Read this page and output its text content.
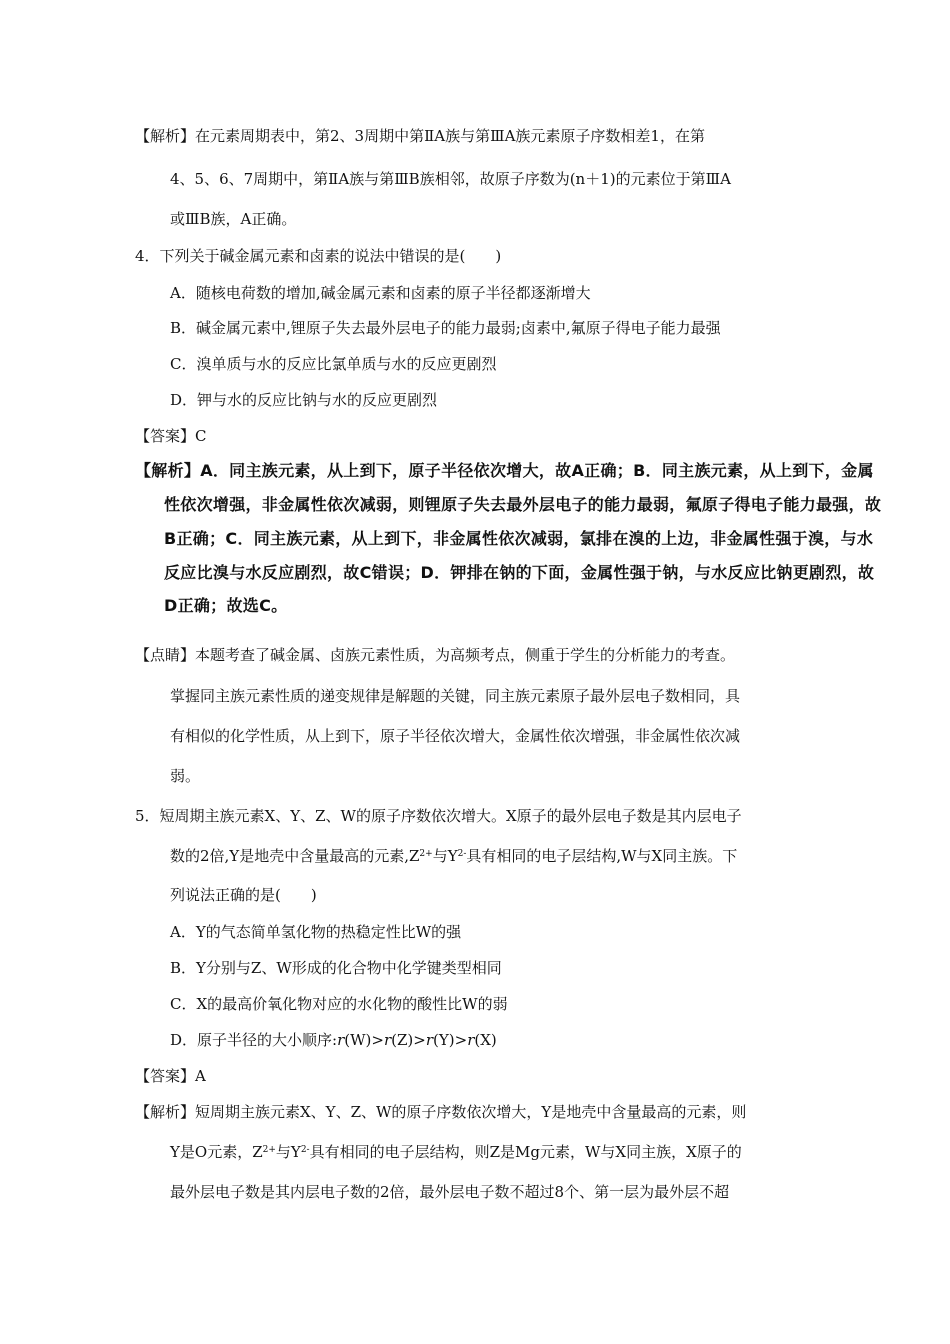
【解析】在元素周期表中，第2、3周期中第ⅡA族与第ⅢA族元素原子序数相差1，在第
4、5、6、7周期中，第ⅡA族与第ⅢB族相邻，故原子序数为(n＋1)的元素位于第ⅢA
或ⅢB族，A正确。
4．下列关于碱金属元素和卤素的说法中错误的是(　　)
A．随核电荷数的增加,碱金属元素和卤素的原子半径都逐渐增大
B．碱金属元素中,锂原子失去最外层电子的能力最弱;卤素中,氟原子得电子能力最强
C．溴单质与水的反应比氯单质与水的反应更剧烈
D．钾与水的反应比钠与水的反应更剧烈
【答案】C
【解析】A．同主族元素，从上到下，原子半径依次增大，故A正确；B．同主族元素，从上到下，金属
性依次增强，非金属性依次减弱，则锂原子失去最外层电子的能力最弱，氟原子得电子能力最强，故
B正确；C．同主族元素，从上到下，非金属性依次减弱，氯排在溴的上边，非金属性强于溴，与水
反应比溴与水反应剧烈，故C错误；D．钾排在钠的下面，金属性强于钠，与水反应比钠更剧烈，故
D正确；故选C。
【点睛】本题考查了碱金属、卤族元素性质，为高频考点，侧重于学生的分析能力的考查。
掌握同主族元素性质的递变规律是解题的关键，同主族元素原子最外层电子数相同，具
有相似的化学性质，从上到下，原子半径依次增大，金属性依次增强，非金属性依次减
弱。
5．短周期主族元素X、Y、Z、W的原子序数依次增大。X原子的最外层电子数是其内层电子
数的2倍,Y是地壳中含量最高的元素$,Z^{2+}$与$Y^{2-}$具有相同的电子层结构,W与X同主族。下
列说法正确的是(　　)
A．Y的气态简单氢化物的热稳定性比W的强
B．Y分别与Z、W形成的化合物中化学键类型相同
C．X的最高价氧化物对应的水化物的酸性比W的弱
D．原子半径的大小顺序:r(W)>r(Z)>r(Y)>r(X)
【答案】A
【解析】短周期主族元素X、Y、Z、W的原子序数依次增大，Y是地壳中含量最高的元素，则
Y是O元素，$Z^{2+}$与$Y^{2-}$具有相同的电子层结构，则Z是Mg元素，W与X同主族，X原子的
最外层电子数是其内层电子数的2倍，最外层电子数不超过8个、第一层为最外层不超
